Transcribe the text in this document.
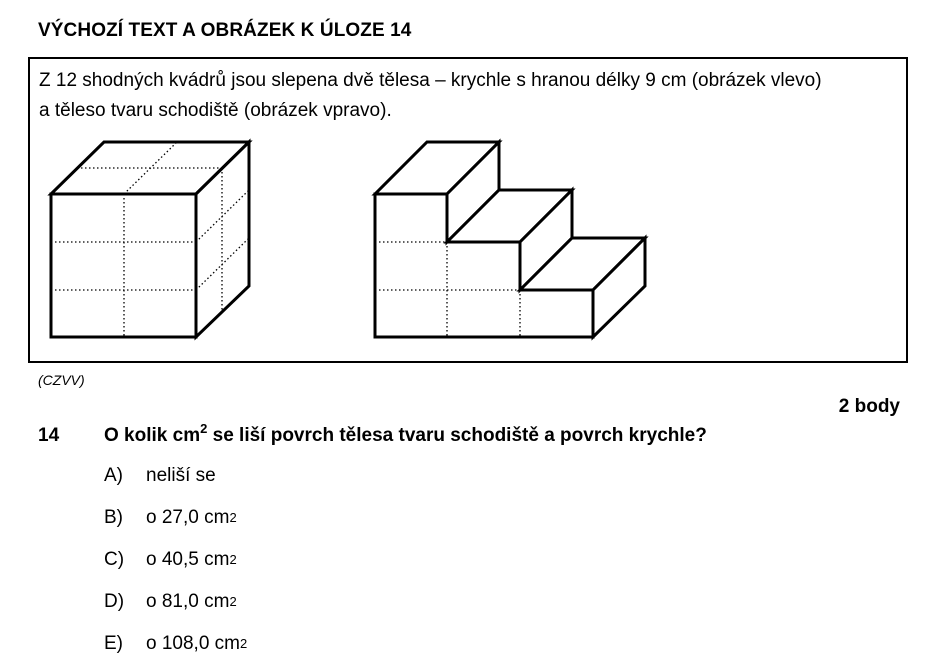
VÝCHOZÍ TEXT A OBRÁZEK K ÚLOZE 14
Z 12 shodných kvádrů jsou slepena dvě tělesa – krychle s hranou délky 9 cm (obrázek vlevo)
a těleso tvaru schodiště (obrázek vpravo).
(CZVV)
2 body
14 O kolik $cm^2$ se liší povrch tělesa tvaru schodiště a povrch krychle?
A)	neliší se
B)	o 27,0 $cm^2$
C)	o 40,5 $cm^2$
D)	o 81,0 $cm^2$
E)	o 108,0 $cm^2$
